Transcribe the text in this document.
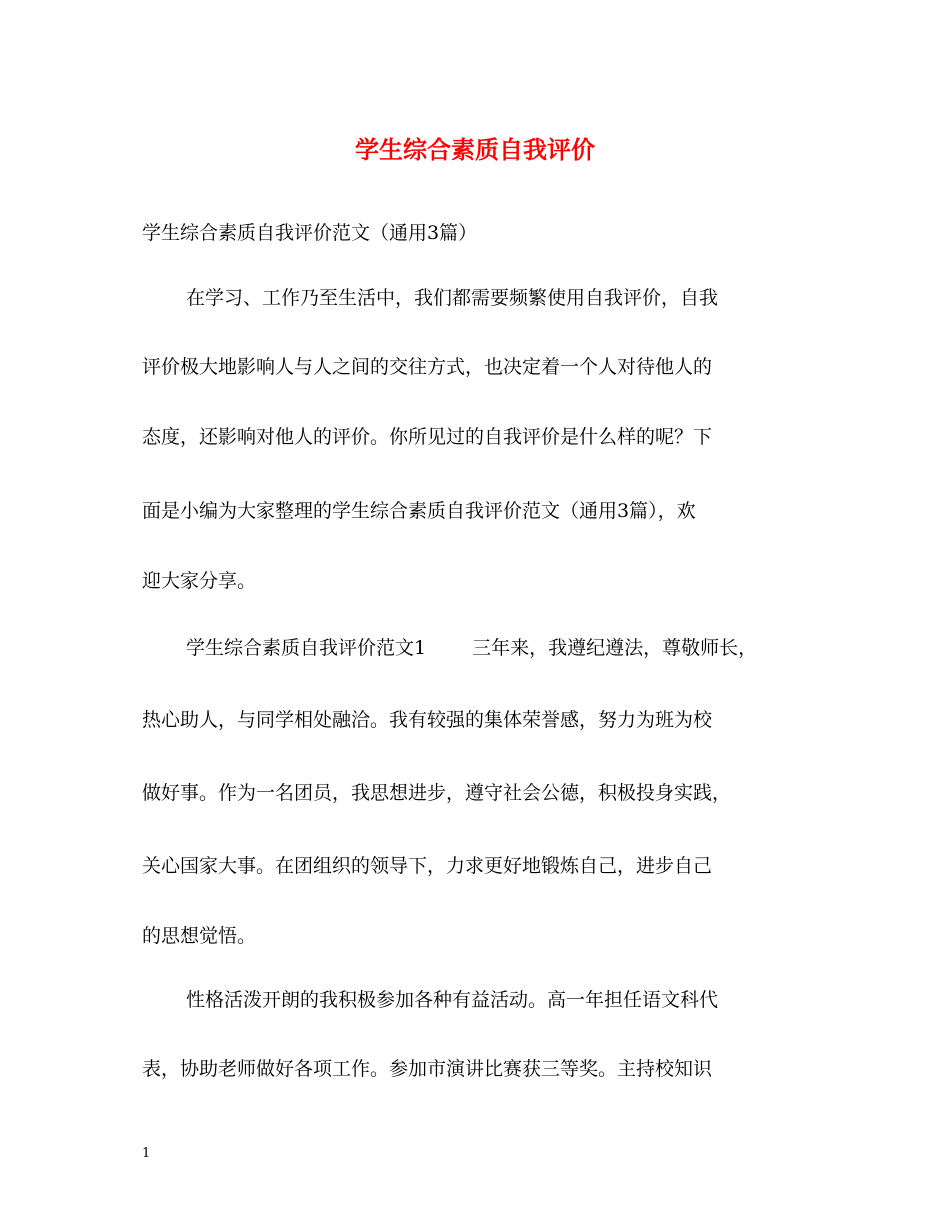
学生综合素质自我评价

学生综合素质自我评价范文（通用3篇）

在学习、工作乃至生活中，我们都需要频繁使用自我评价，自我

评价极大地影响人与人之间的交往方式，也决定着一个人对待他人的

态度，还影响对他人的评价。你所见过的自我评价是什么样的呢？下

面是小编为大家整理的学生综合素质自我评价范文（通用3篇），欢

迎大家分享。

学生综合素质自我评价范文1 三年来，我遵纪遵法，尊敬师长，

热心助人，与同学相处融洽。我有较强的集体荣誉感，努力为班为校

做好事。作为一名团员，我思想进步，遵守社会公德，积极投身实践，

关心国家大事。在团组织的领导下，力求更好地锻炼自己，进步自己

的思想觉悟。

性格活泼开朗的我积极参加各种有益活动。高一年担任语文科代

表，协助老师做好各项工作。参加市演讲比赛获三等奖。主持校知识

1
